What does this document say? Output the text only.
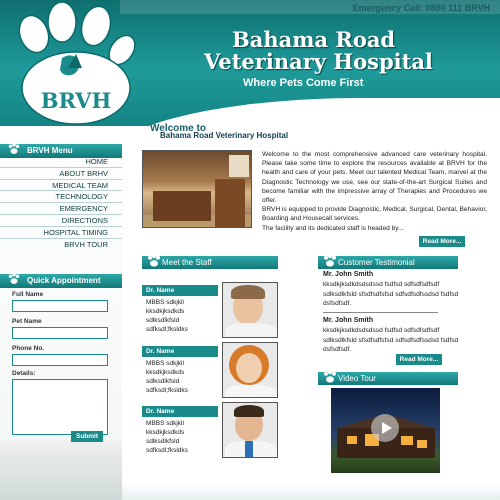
Emergency Call: 0800 111 BRVH
Bahama Road
Veterinary Hospital
Where Pets Come First
BRVH
BRVH Menu
HOME
ABOUT BRHV
MEDICAL TEAM
TECHNOLOGY
EMERGENCY
DIRECTIONS
HOSPITAL TIMING
BRVH TOUR
Quick Appointment
Full Name
Pet Name
Phone No.
Details:
Submit
Welcome to
Bahama Road Veterinary Hospital

Welcome to the most comprehensive advanced care veterinary hospital. Please take some time to explore the resources available at BRVH for the health and care of your pets. Meet our talented Medical Team, marvel at the Diagnostic Technology we use, see our state-of-the-art Surgical Suites and become familiar with the impressive array of Therapies and Procedures we offer.

BRVH is equipped to provide Diagnostic, Medical, Surgical, Dental, Behavior, Boarding and Housecall services.

The facility and its dedicated staff is headed by...

Read More...
Meet the Staff
Dr. Name
MBBS sdkjkll
kksdkjksdkds
sdlksdlkfsld
sdfksdl;fksldks
Dr. Name
MBBS sdkjkll
kksdkjksdkds
sdlksdlkfsld
sdfksdl;fksldks
Dr. Name
MBBS sdkjkll
kksdkjksdkds
sdlksdlkfsld
sdfksdl;fksldks
Customer Testimonial
Mr. John Smith
kksdkjksdkdsdsdssd fsdfsd sdfsdfsdfsdf sdlksdlkfsld sfsdfsdfsfsd sdfsdfsdfssdsd fsdfsd dsfsdfsdf.
Mr. John Smith
kksdkjksdkdsdsdssd fsdfsd sdfsdfsdfsdf sdlksdlkfsld sfsdfsdfsfsd sdfsdfsdfssdsd fsdfsd dsfsdfsdf.
Read More...
Video Tour
